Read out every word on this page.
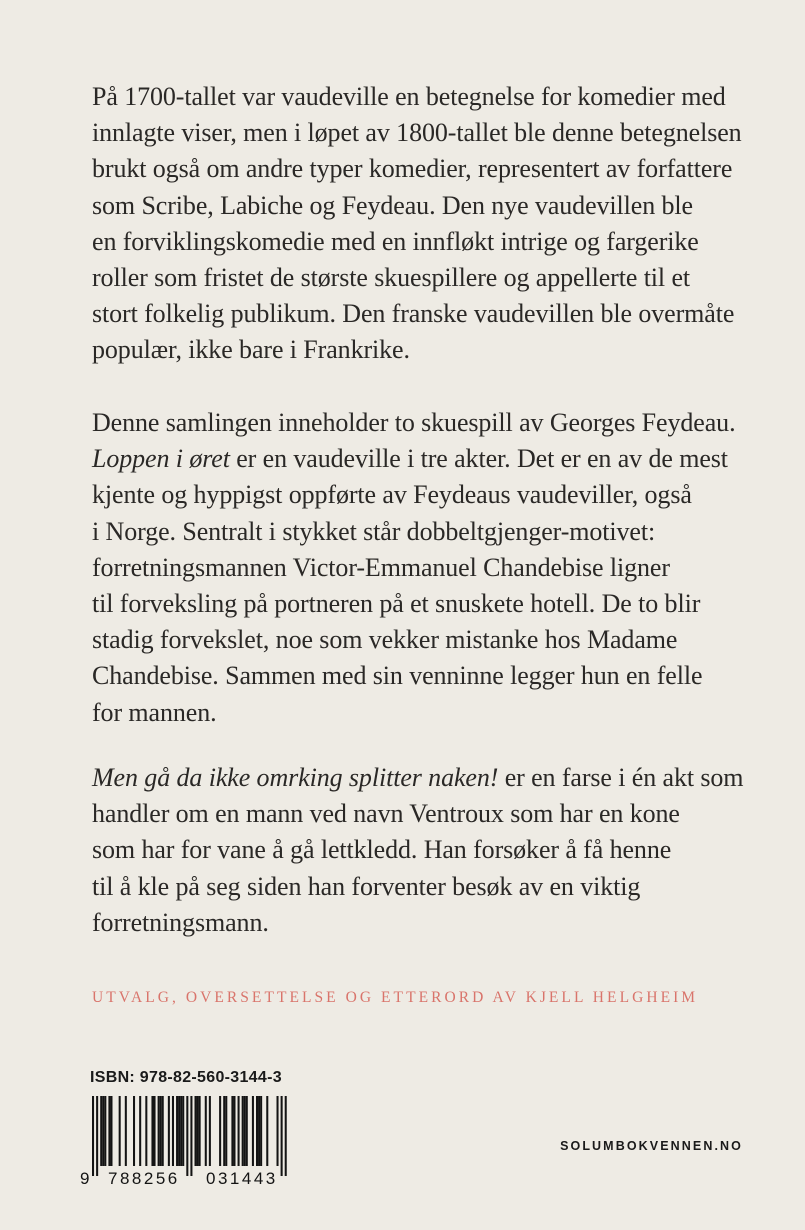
På 1700-tallet var vaudeville en betegnelse for komedier med
innlagte viser, men i løpet av 1800-tallet ble denne betegnelsen
brukt også om andre typer komedier, representert av forfattere
som Scribe, Labiche og Feydeau. Den nye vaudevillen ble
en forviklingskomedie med en innfløkt intrige og fargerike
roller som fristet de største skuespillere og appellerte til et
stort folkelig publikum. Den franske vaudevillen ble overmåte
populær, ikke bare i Frankrike.
Denne samlingen inneholder to skuespill av Georges Feydeau.
Loppen i øret er en vaudeville i tre akter. Det er en av de mest
kjente og hyppigst oppførte av Feydeaus vaudeviller, også
i Norge. Sentralt i stykket står dobbeltgjenger-motivet:
forretningsmannen Victor-Emmanuel Chandebise ligner
til forveksling på portneren på et snuskete hotell. De to blir
stadig forvekslet, noe som vekker mistanke hos Madame
Chandebise. Sammen med sin venninne legger hun en felle
for mannen.
Men gå da ikke omrking splitter naken! er en farse i én akt som
handler om en mann ved navn Ventroux som har en kone
som har for vane å gå lettkledd. Han forsøker å få henne
til å kle på seg siden han forventer besøk av en viktig
forretningsmann.
UTVALG, OVERSETTELSE OG ETTERORD AV KJELL HELGHEIM
ISBN: 978-82-560-3144-3
9 788256 031443
SOLUMBOKVENNEN.NO
